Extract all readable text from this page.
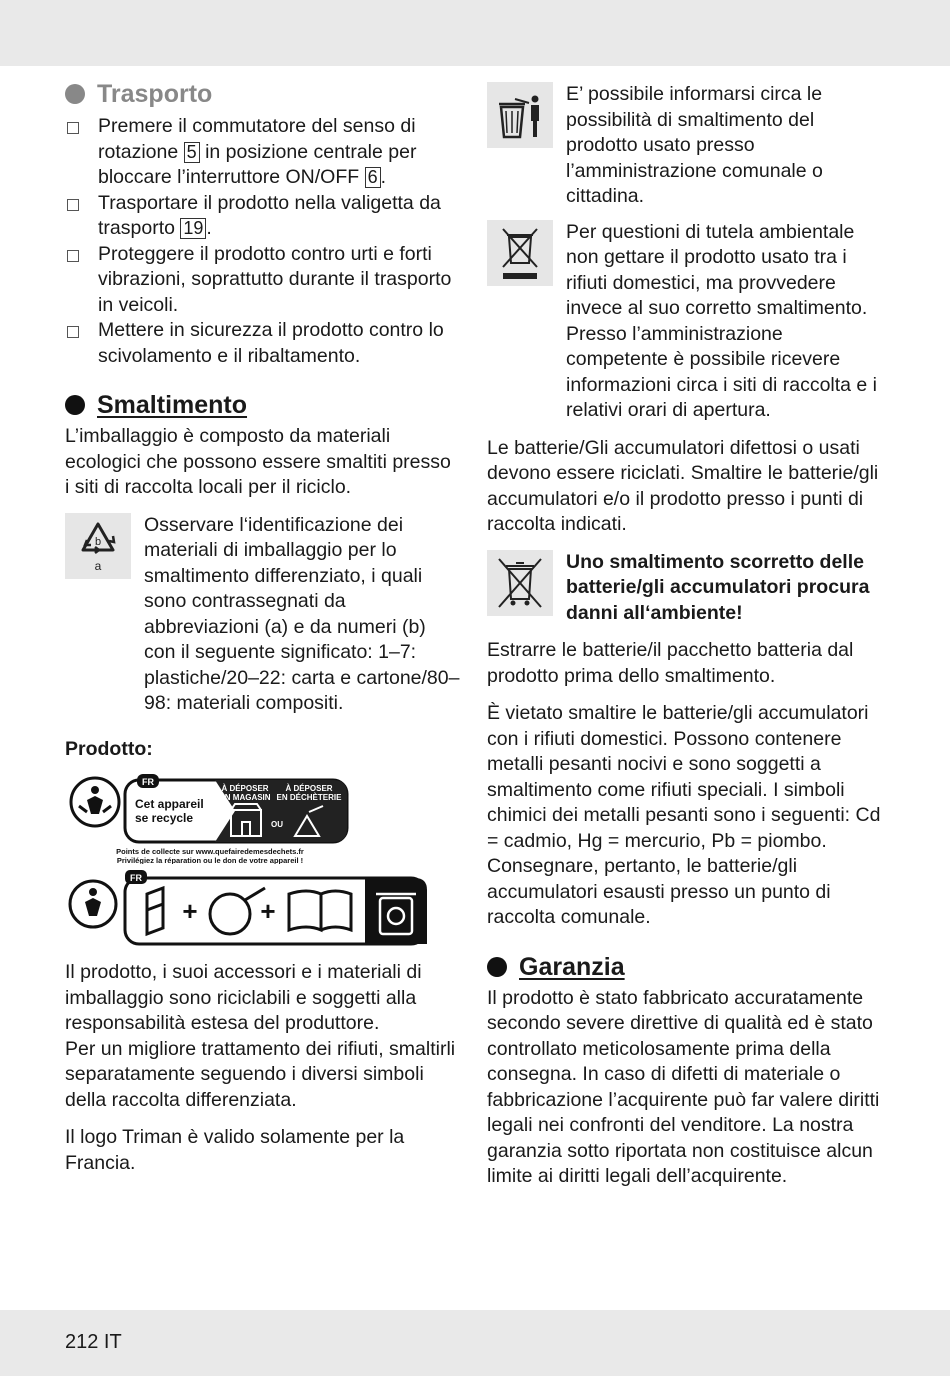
Trasporto
Premere il commutatore del senso di rotazione 5 in posizione centrale per bloccare l’interruttore ON/OFF 6 .
Trasportare il prodotto nella valigetta da trasporto 19 .
Proteggere il prodotto contro urti e forti vibrazioni, soprattutto durante il trasporto in veicoli.
Mettere in sicurezza il prodotto contro lo scivolamento e il ribaltamento.
Smaltimento

L’imballaggio è composto da materiali ecologici che possono essere smaltiti presso i siti di raccolta locali per il riciclo.

b
a

Osservare l‘identificazione dei materiali di imballaggio per lo smaltimento differenziato, i quali sono contrassegnati da abbreviazioni (a) e da numeri (b) con il seguente significato: 1–7: plastiche/20–22: carta e cartone/80–98: materiali compositi.

Prodotto:

FR
Cet appareil
se recycle
À DÉPOSER
EN MAGASIN
À DÉPOSER
EN DÉCHÈTERIE
OU
Points de collecte sur www.quefairedemesdechets.fr
Privilégiez la réparation ou le don de votre appareil !
FR
+ +

Il prodotto, i suoi accessori e i materiali di imballaggio sono riciclabili e soggetti alla responsabilità estesa del produttore.

Per un migliore trattamento dei rifiuti, smaltirli separatamente seguendo i diversi simboli della raccolta differenziata.

Il logo Triman è valido solamente per la Francia.

E’ possibile informarsi circa le possibilità di smaltimento del prodotto usato presso l’amministrazione comunale o cittadina.

Per questioni di tutela ambientale non gettare il prodotto usato tra i rifiuti domestici, ma provvedere invece al suo corretto smaltimento. Presso l’amministrazione competente è possibile ricevere informazioni circa i siti di raccolta e i relativi orari di apertura.

Le batterie/Gli accumulatori difettosi o usati devono essere riciclati. Smaltire le batterie/gli accumulatori e/o il prodotto presso i punti di raccolta indicati.

Uno smaltimento scorretto delle batterie/gli accumulatori procura danni all‘ambiente!

Estrarre le batterie/il pacchetto batteria dal prodotto prima dello smaltimento.

È vietato smaltire le batterie/gli accumulatori con i rifiuti domestici. Possono contenere metalli pesanti nocivi e sono soggetti a smaltimento come rifiuti speciali. I simboli chimici dei metalli pesanti sono i seguenti: Cd = cadmio, Hg = mercurio, Pb = piombo. Consegnare, pertanto, le batterie/gli accumulatori esausti presso un punto di raccolta comunale.

Garanzia

Il prodotto è stato fabbricato accuratamente secondo severe direttive di qualità ed è stato controllato meticolosamente prima della consegna. In caso di difetti di materiale o fabbricazione l’acquirente può far valere diritti legali nei confronti del venditore. La nostra garanzia sotto riportata non costituisce alcun limite ai diritti legali dell’acquirente.

212 IT
